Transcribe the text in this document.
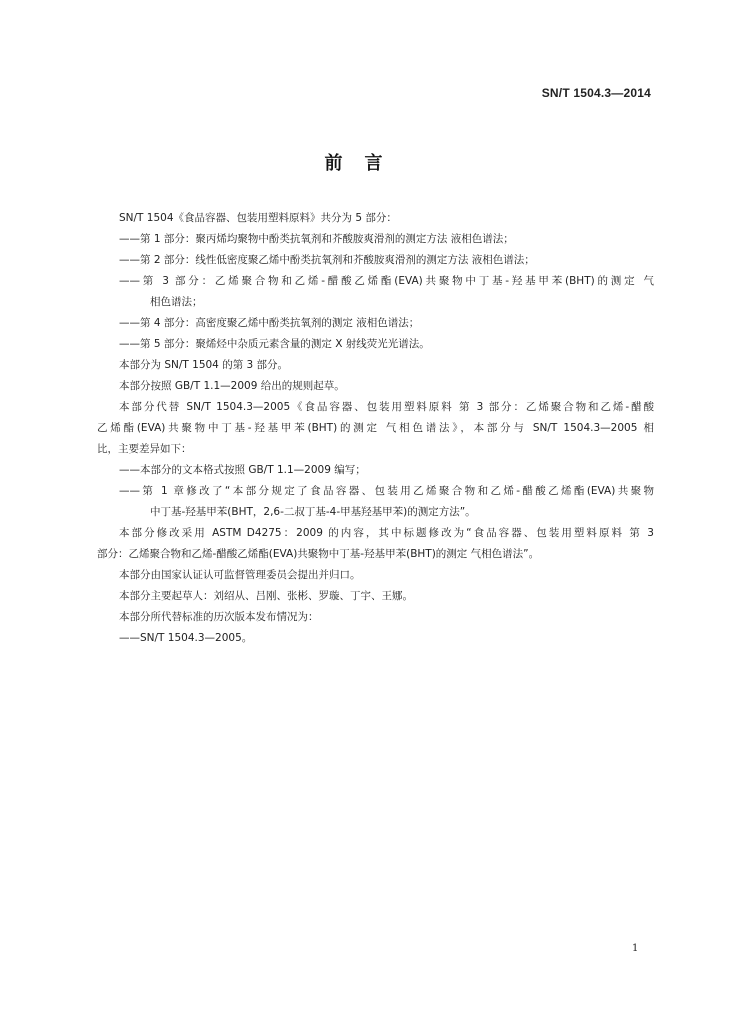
SN/T 1504.3—2014
前言
SN/T 1504《食品容器、包装用塑料原料》共分为 5 部分：
——第 1 部分：聚丙烯均聚物中酚类抗氧剂和芥酸胺爽滑剂的测定方法 液相色谱法；
——第 2 部分：线性低密度聚乙烯中酚类抗氧剂和芥酸胺爽滑剂的测定方法 液相色谱法；
——第 3 部分：乙烯聚合物和乙烯-醋酸乙烯酯(EVA)共聚物中丁基-羟基甲苯(BHT)的测定 气
相色谱法；
——第 4 部分：高密度聚乙烯中酚类抗氧剂的测定 液相色谱法；
——第 5 部分：聚烯烃中杂质元素含量的测定 X 射线荧光光谱法。
本部分为 SN/T 1504 的第 3 部分。
本部分按照 GB/T 1.1—2009 给出的规则起草。
本部分代替 SN/T 1504.3—2005《食品容器、包装用塑料原料 第 3 部分：乙烯聚合物和乙烯-醋酸
乙烯酯(EVA)共聚物中丁基-羟基甲苯(BHT)的测定 气相色谱法》，本部分与 SN/T 1504.3—2005 相
比，主要差异如下：
——本部分的文本格式按照 GB/T 1.1—2009 编写；
——第 1 章修改了“本部分规定了食品容器、包装用乙烯聚合物和乙烯-醋酸乙烯酯(EVA)共聚物
中丁基-羟基甲苯(BHT，2,6-二叔丁基-4-甲基羟基甲苯)的测定方法”。
本部分修改采用 ASTM D4275：2009 的内容，其中标题修改为“食品容器、包装用塑料原料 第 3
部分：乙烯聚合物和乙烯-醋酸乙烯酯(EVA)共聚物中丁基-羟基甲苯(BHT)的测定 气相色谱法”。
本部分由国家认证认可监督管理委员会提出并归口。
本部分主要起草人：刘绍从、吕刚、张彬、罗璇、丁宇、王娜。
本部分所代替标准的历次版本发布情况为：
——SN/T 1504.3—2005。
1
